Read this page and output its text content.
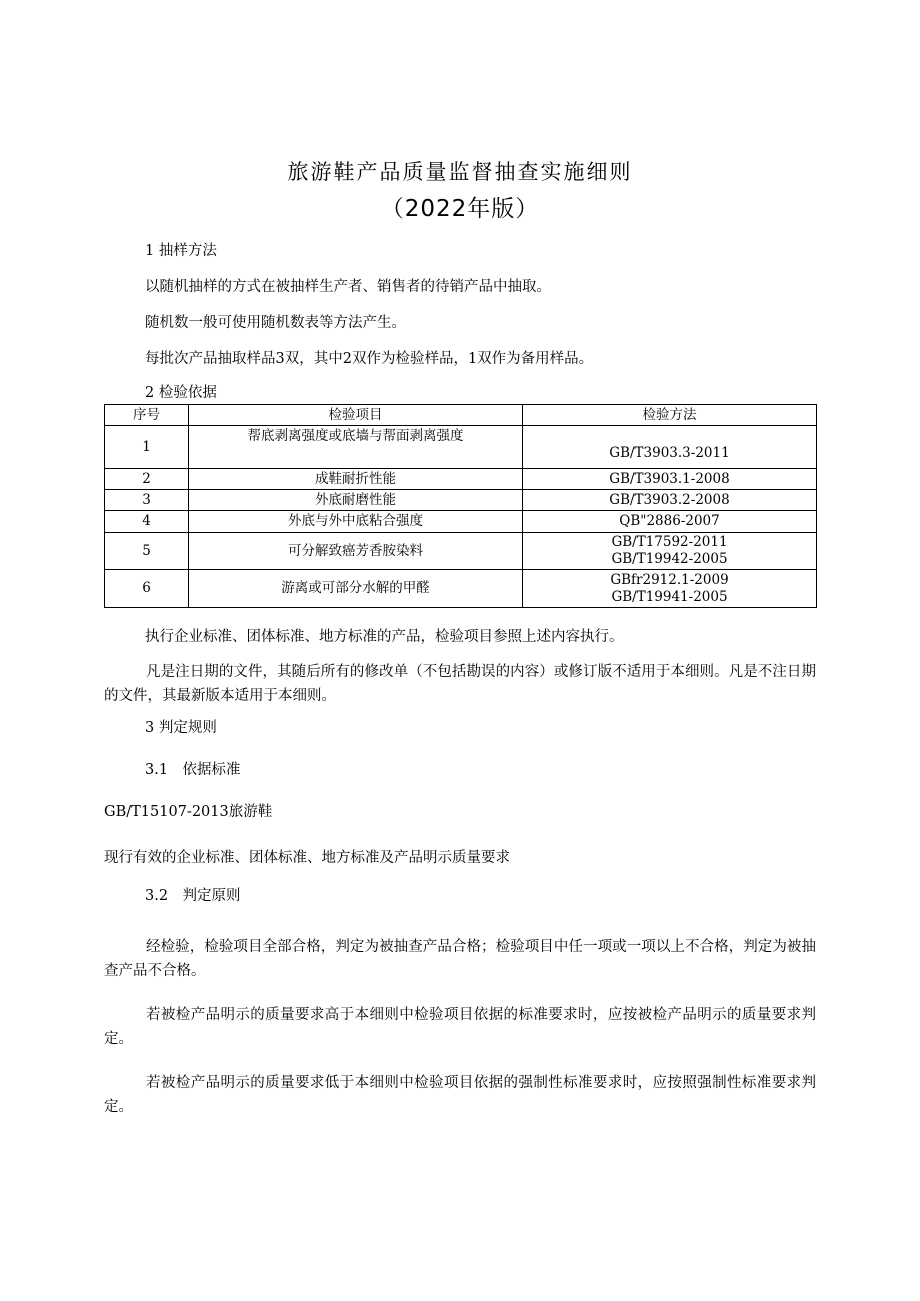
旅游鞋产品质量监督抽查实施细则
（2022年版）
1 抽样方法
以随机抽样的方式在被抽样生产者、销售者的待销产品中抽取。
随机数一般可使用随机数表等方法产生。
每批次产品抽取样品3双，其中2双作为检验样品，1双作为备用样品。
2 检验依据
序号	检验项目	检验方法
1	帮底剥离强度或底墙与帮面剥离强度	GB/T3903.3-2011

2	成鞋耐折性能	GB/T3903.1-2008
3	外底耐磨性能	GB/T3903.2-2008
4	外底与外中底粘合强度	QB"2886-2007
5	可分解致癌芳香胺染料	GB/T17592-2011
GB/T19942-2005

6	游离或可部分水解的甲醛	GBfr2912.1-2009
GB/T19941-2005
执行企业标准、团体标准、地方标准的产品，检验项目参照上述内容执行。
凡是注日期的文件，其随后所有的修改单（不包括勘误的内容）或修订版不适用于本细则。凡是不注日期的文件，其最新版本适用于本细则。
3 判定规则
3.1　依据标准
GB/T15107-2013旅游鞋
现行有效的企业标准、团体标准、地方标准及产品明示质量要求
3.2　判定原则
经检验，检验项目全部合格，判定为被抽查产品合格；检验项目中任一项或一项以上不合格，判定为被抽查产品不合格。
若被检产品明示的质量要求高于本细则中检验项目依据的标准要求时，应按被检产品明示的质量要求判定。
若被检产品明示的质量要求低于本细则中检验项目依据的强制性标准要求时，应按照强制性标准要求判定。
